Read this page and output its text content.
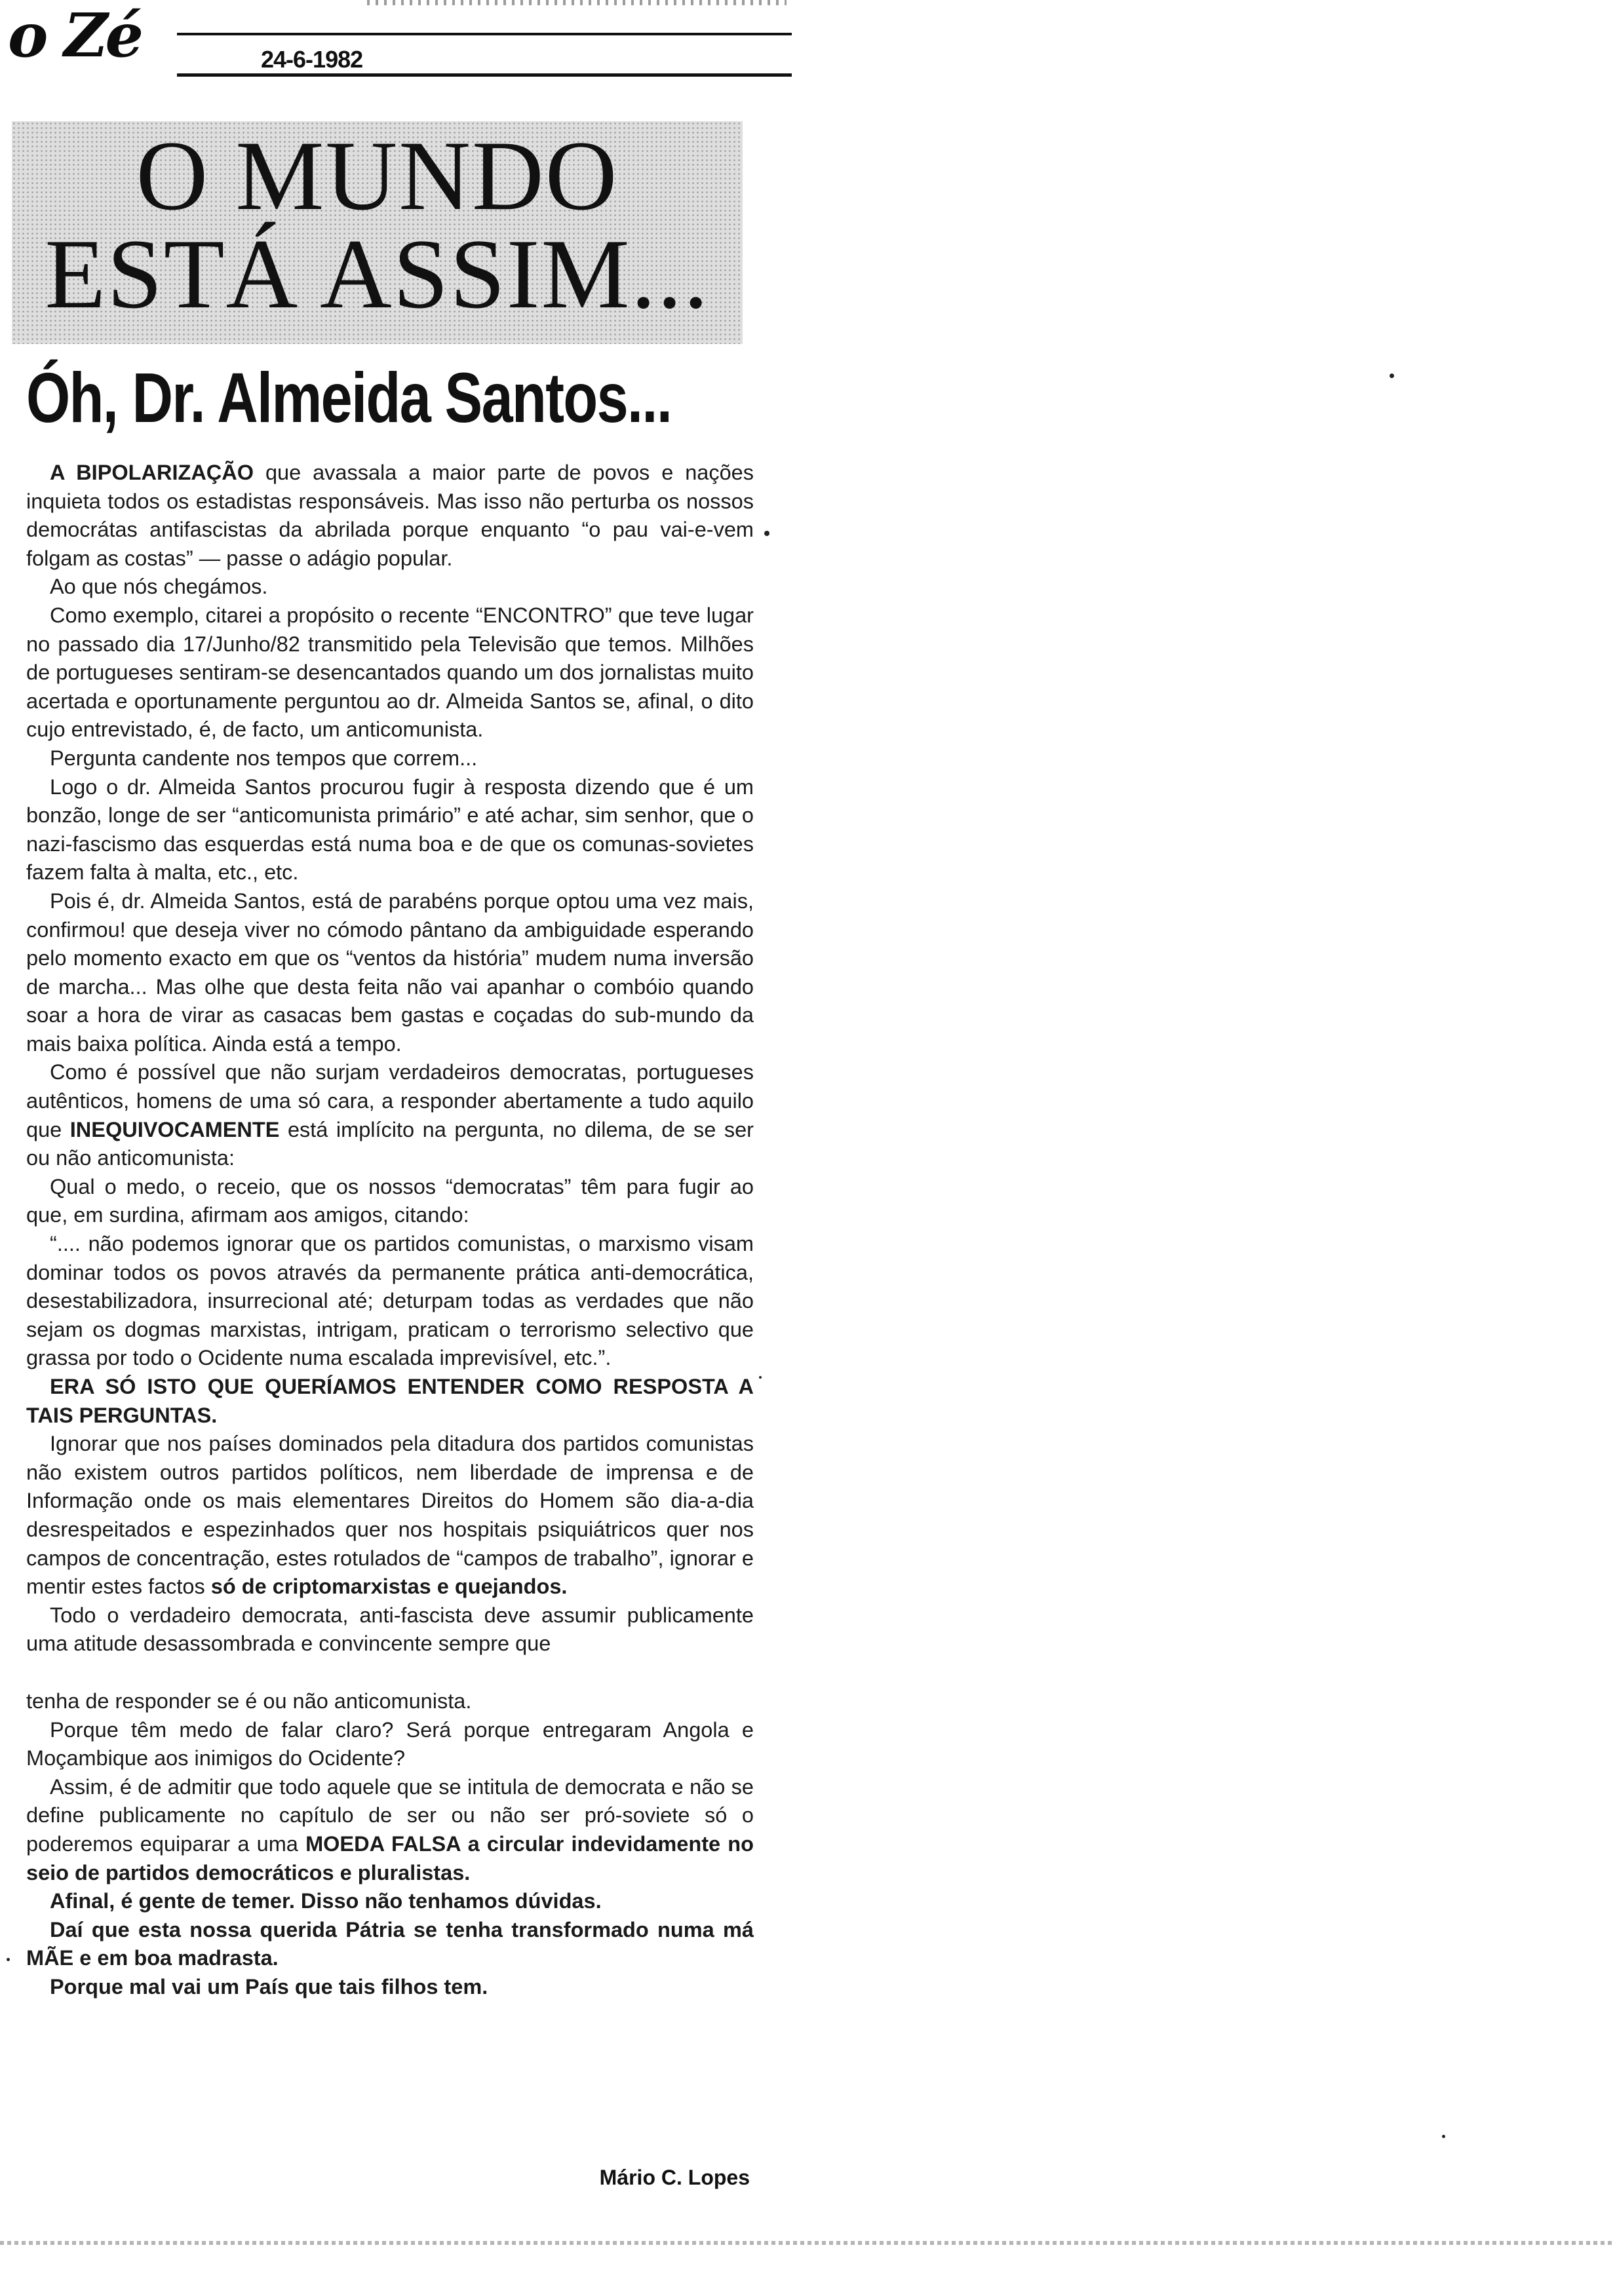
o Zé	24-6-1982
O MUNDO
ESTÁ ASSIM...
Óh, Dr. Almeida Santos...

A BIPOLARIZAÇÃO que avassala a maior parte de povos e nações inquieta todos os estadistas responsáveis. Mas isso não perturba os nossos democrátas antifascistas da abrilada porque enquanto “o pau vai-e-vem folgam as costas” — passe o adágio popular.

Ao que nós chegámos.

Como exemplo, citarei a propósito o recente “ENCONTRO” que teve lugar no passado dia 17/Junho/82 transmitido pela Televisão que temos. Milhões de portugueses sentiram-se desencantados quando um dos jornalistas muito acertada e oportunamente perguntou ao dr. Almeida Santos se, afinal, o dito cujo entrevistado, é, de facto, um anticomunista.

Pergunta candente nos tempos que correm...

Logo o dr. Almeida Santos procurou fugir à resposta dizendo que é um bonzão, longe de ser “anticomunista primário” e até achar, sim senhor, que o nazi-fascismo das esquerdas está numa boa e de que os comunas-sovietes fazem falta à malta, etc., etc.

Pois é, dr. Almeida Santos, está de parabéns porque optou uma vez mais, confirmou! que deseja viver no cómodo pântano da ambiguidade esperando pelo momento exacto em que os “ventos da história” mudem numa inversão de marcha... Mas olhe que desta feita não vai apanhar o combóio quando soar a hora de virar as casacas bem gastas e coçadas do sub-mundo da mais baixa política. Ainda está a tempo.

Como é possível que não surjam verdadeiros democratas, portugueses autênticos, homens de uma só cara, a responder abertamente a tudo aquilo que INEQUIVOCAMENTE está implícito na pergunta, no dilema, de se ser ou não anticomunista:

Qual o medo, o receio, que os nossos “democratas” têm para fugir ao que, em surdina, afirmam aos amigos, citando:

“.... não podemos ignorar que os partidos comunistas, o marxismo visam dominar todos os povos através da permanente prática anti-democrática, desestabilizadora, insurrecional até; deturpam todas as verdades que não sejam os dogmas marxistas, intrigam, praticam o terrorismo selectivo que grassa por todo o Ocidente numa escalada imprevisível, etc.”.

ERA SÓ ISTO QUE QUERÍAMOS ENTENDER COMO RESPOSTA A TAIS PERGUNTAS.

Ignorar que nos países dominados pela ditadura dos partidos comunistas não existem outros partidos políticos, nem liberdade de imprensa e de Informação onde os mais elementares Direitos do Homem são dia-a-dia desrespeitados e espezinhados quer nos hospitais psiquiátricos quer nos campos de concentração, estes rotulados de “campos de trabalho”, ignorar e mentir estes factos só de criptomarxistas e quejandos.

Todo o verdadeiro democrata, anti-fascista deve assumir publicamente uma atitude desassombrada e convincente sempre que

tenha de responder se é ou não anticomunista.

Porque têm medo de falar claro? Será porque entregaram Angola e Moçambique aos inimigos do Ocidente?

Assim, é de admitir que todo aquele que se intitula de democrata e não se define publicamente no capítulo de ser ou não ser pró-soviete só o poderemos equiparar a uma MOEDA FALSA a circular indevidamente no seio de partidos democráticos e pluralistas.

Afinal, é gente de temer. Disso não tenhamos dúvidas.

Daí que esta nossa querida Pátria se tenha transformado numa má MÃE e em boa madrasta.

Porque mal vai um País que tais filhos tem.

Mário C. Lopes
